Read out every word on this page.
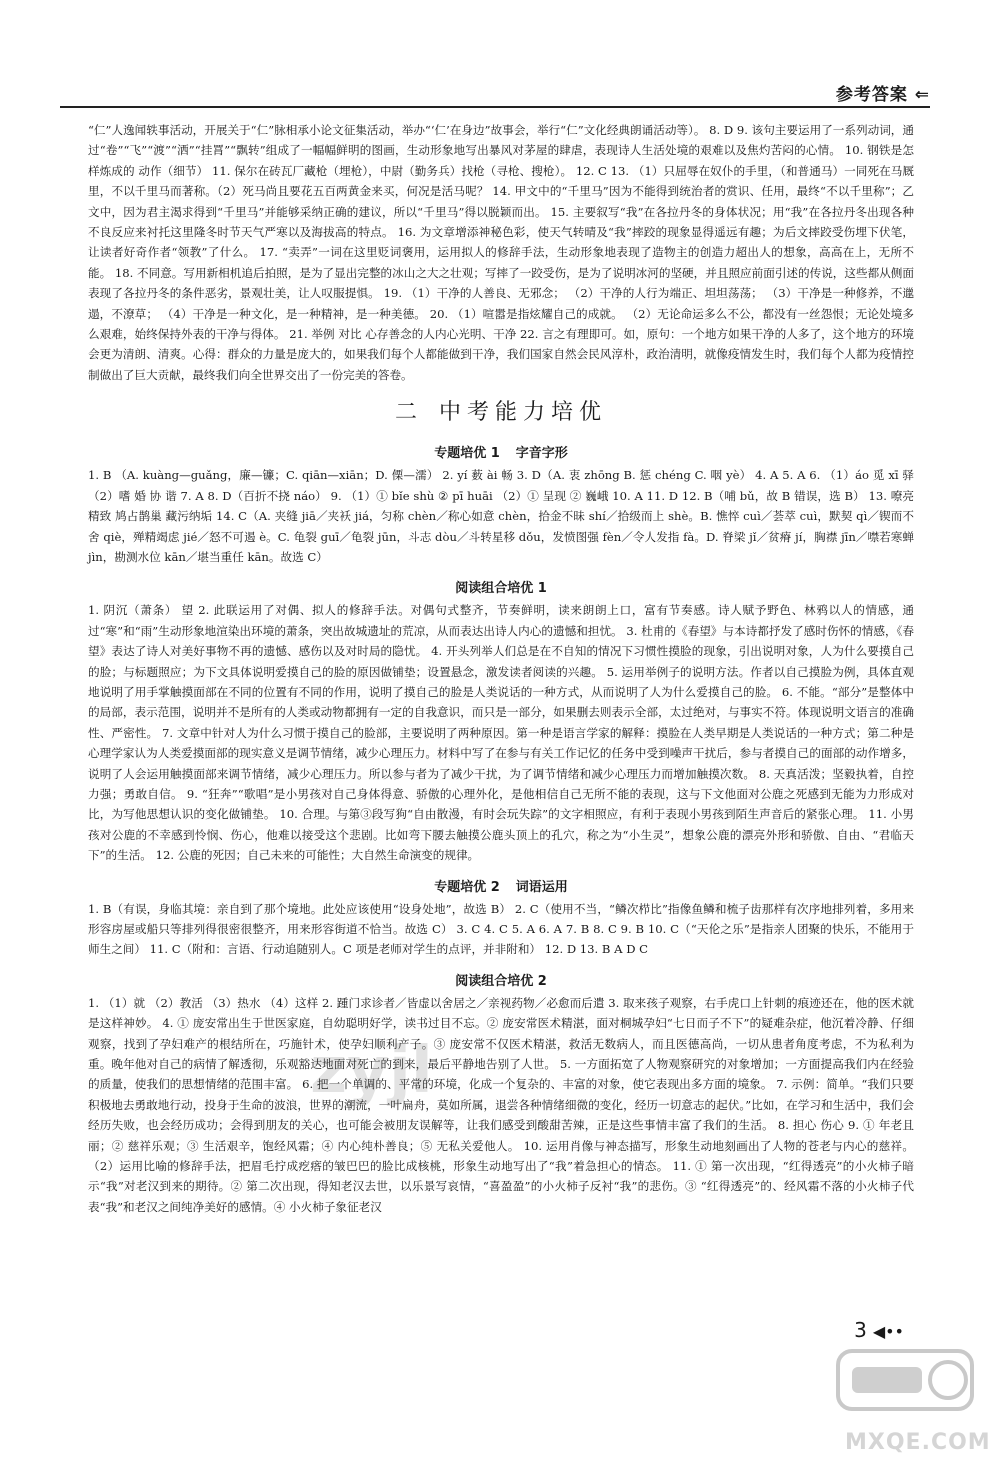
参考答案 ⇐

“仁”人逸闻轶事活动，开展关于“仁”脉相承小论文征集活动，举办“‘仁’在身边”故事会，举行“仁”文化经典朗诵活动等）。 8. D 9. 该句主要运用了一系列动词，通过“卷”“飞”“渡”“洒”“挂罥”“飘转”组成了一幅幅鲜明的图画，生动形象地写出暴风对茅屋的肆虐，表现诗人生活处境的艰难以及焦灼苦闷的心情。 10. 钢铁是怎样炼成的 动作（细节） 11. 保尔在砖瓦厂藏枪（埋枪），中尉（勤务兵）找枪（寻枪、搜枪）。 12. C 13. （1）只屈辱在奴仆的手里，（和普通马）一同死在马厩里，不以千里马而著称。（2）死马尚且要花五百两黄金来买，何况是活马呢？ 14. 甲文中的“千里马”因为不能得到统治者的赏识、任用，最终“不以千里称”；乙文中，因为君主渴求得到“千里马”并能够采纳正确的建议，所以“千里马”得以脱颖而出。 15. 主要叙写“我”在各拉丹冬的身体状况；用“我”在各拉丹冬出现各种不良反应来衬托这里隆冬时节天气严寒以及海拔高的特点。 16. 为文章增添神秘色彩，使天气转晴及“我”摔跤的现象显得遥远有趣；为后文摔跤受伤埋下伏笔，让读者好奇作者“领教”了什么。 17. “卖弄”一词在这里贬词褒用，运用拟人的修辞手法，生动形象地表现了造物主的创造力超出人的想象，高高在上，无所不能。 18. 不同意。写用新相机追后拍照，是为了显出完整的冰山之大之壮观；写摔了一跤受伤，是为了说明冰河的坚硬，并且照应前面引述的传说，这些都从侧面表现了各拉丹冬的条件恶劣，景观壮美，让人叹服提惧。 19. （1）干净的人善良、无邪念； （2）干净的人行为端正、坦坦荡荡； （3）干净是一种修养，不邋遢，不潦草； （4）干净是一种文化，是一种精神，是一种美德。 20. （1）喧嚣是指炫耀自己的成就。 （2）无论命运多么不公，都没有一丝怨恨；无论处境多么艰难，始终保持外表的干净与得体。 21. 举例 对比 心存善念的人内心光明、干净 22. 言之有理即可。如，原句：一个地方如果干净的人多了，这个地方的环境会更为清朗、清爽。心得：群众的力量是庞大的，如果我们每个人都能做到干净，我们国家自然会民风淳朴，政治清明，就像疫情发生时，我们每个人都为疫情控制做出了巨大贡献，最终我们向全世界交出了一份完美的答卷。

二 中考能力培优
专题培优 1 字音字形

1. B （A. kuàng—guǎng，廉—镰；C. qiān—xiān；D. 傈—濡） 2. yí 薮 ài 畅 3. D（A. 衷 zhōng B. 惩 chéng C. 咽 yè） 4. A 5. A 6. （1）áo 觅 xī 驿 （2）嗜 婚 协 谐 7. A 8. D（百折不挠 náo） 9. （1）① bǐe shù ② pī huāi （2）① 呈现 ② 巍峨 10. A 11. D 12. B（哺 bǔ，故 B 错误，选 B） 13. 嘹亮 精致 鸠占鹊巢 藏污纳垢 14. C（A. 夹缝 jiā／夹袄 jiá，匀称 chèn／称心如意 chèn，拾金不昧 shí／拾级而上 shè。B. 憔悴 cuì／荟萃 cuì，默契 qì／锲而不舍 qiè，殚精竭虑 jié／怒不可遏 è。C. 龟裂 guī／龟裂 jūn，斗志 dòu／斗转星移 dǒu，发愤图强 fèn／令人发指 fà。D. 脊梁 jǐ／贫瘠 jí，胸襟 jīn／噤若寒蝉 jìn，勘测水位 kān／堪当重任 kān。故选 C）

阅读组合培优 1

1. 阴沉（萧条） 望 2. 此联运用了对偶、拟人的修辞手法。对偶句式整齐，节奏鲜明，读来朗朗上口，富有节奏感。诗人赋予野色、林鸦以人的情感，通过“寒”和“雨”生动形象地渲染出环境的萧条，突出故城遗址的荒凉，从而表达出诗人内心的遗憾和担忧。 3. 杜甫的《春望》与本诗都抒发了感时伤怀的情感，《春望》表达了诗人对美好事物不再的遗憾、感伤以及对时局的隐忧。 4. 开头列举人们总是在不自知的情况下习惯性摸脸的现象，引出说明对象，人为什么要摸自己的脸；与标题照应；为下文具体说明爱摸自己的脸的原因做铺垫；设置悬念，激发读者阅读的兴趣。 5. 运用举例子的说明方法。作者以自己摸脸为例，具体直观地说明了用手掌触摸面部在不同的位置有不同的作用，说明了摸自己的脸是人类说话的一种方式，从而说明了人为什么爱摸自己的脸。 6. 不能。“部分”是整体中的局部，表示范围，说明并不是所有的人类或动物都拥有一定的自我意识，而只是一部分，如果删去则表示全部，太过绝对，与事实不符。体现说明文语言的准确性、严密性。 7. 文章中针对人为什么习惯于摸自己的脸部，主要说明了两种原因。第一种是语言学家的解释：摸脸在人类早期是人类说话的一种方式；第二种是心理学家认为人类爱摸面部的现实意义是调节情绪，减少心理压力。材料中写了在参与有关工作记忆的任务中受到噪声干扰后，参与者摸自己的面部的动作增多，说明了人会运用触摸面部来调节情绪，减少心理压力。所以参与者为了减少干扰，为了调节情绪和减少心理压力而增加触摸次数。 8. 天真活泼；坚毅执着，自控力强；勇敢自信。 9. “狂奔”“歌唱”是小男孩对自己身体得意、骄傲的心理外化，是他相信自己无所不能的表现，这与下文他面对公鹿之死感到无能为力形成对比，为写他思想认识的变化做铺垫。 10. 合理。与第③段写狗“自由散漫，有时会玩失踪”的文字相照应，有利于表现小男孩到陌生声音后的紧张心理。 11. 小男孩对公鹿的不幸感到怜悯、伤心，他难以接受这个悲剧。比如弯下腰去触摸公鹿头顶上的孔穴，称之为“小生灵”，想象公鹿的漂亮外形和骄傲、自由、“君临天下”的生活。 12. 公鹿的死因；自己未来的可能性；大自然生命演变的规律。

专题培优 2 词语运用

1. B（有误，身临其境：亲自到了那个境地。此处应该使用“设身处地”，故选 B） 2. C（使用不当，“鳞次栉比”指像鱼鳞和梳子齿那样有次序地排列着，多用来形容房屋或船只等排列得很密很整齐，用来形容街道不恰当。故选 C） 3. C 4. C 5. A 6. A 7. B 8. C 9. B 10. C（“天伦之乐”是指亲人团聚的快乐，不能用于师生之间） 11. C（附和：言语、行动追随别人。C 项是老师对学生的点评，并非附和） 12. D 13. B A D C

阅读组合培优 2

1. （1）就 （2）教活 （3）热水 （4）这样 2. 踵门求诊者／皆虚以舍居之／亲视药物／必愈而后遣 3. 取来孩子观察，右手虎口上针刺的痕迹还在，他的医术就是这样神妙。 4. ① 庞安常出生于世医家庭，自幼聪明好学，读书过目不忘。② 庞安常医术精湛，面对桐城孕妇“七日而子不下”的疑难杂症，他沉着冷静、仔细观察，找到了孕妇难产的根结所在，巧施针术，使孕妇顺利产子。③ 庞安常不仅医术精湛，救活无数病人，而且医德高尚，一切从患者角度考虑，不为私利为重。晚年他对自己的病情了解透彻，乐观豁达地面对死亡的到来，最后平静地告别了人世。 5. 一方面拓宽了人物观察研究的对象增加；一方面提高我们内在经验的质量，使我们的思想情绪的范围丰富。 6. 把一个单调的、平常的环境，化成一个复杂的、丰富的对象，使它表现出多方面的境象。 7. 示例：简单。“我们只要积极地去勇敢地行动，投身于生命的波浪，世界的潮流，一叶扁舟，莫如所属，退尝各种情绪细微的变化，经历一切意志的起伏。”比如，在学习和生活中，我们会经历失败，也会经历成功；会得到朋友的关心，也可能会被朋友误解等，让我们感受到酸甜苦辣，正是这些事情丰富了我们的生活。 8. 担心 伤心 9. ① 年老且丽；② 慈祥乐观；③ 生活艰辛，饱经风霜；④ 内心纯朴善良；⑤ 无私关爱他人。 10. 运用肖像与神态描写，形象生动地刻画出了人物的苍老与内心的慈祥。 （2）运用比喻的修辞手法，把眉毛拧成疙瘩的皱巴巴的脸比成核桃，形象生动地写出了“我”着急担心的情态。 11. ① 第一次出现，“红得透亮”的小火柿子暗示“我”对老汉到来的期待。② 第二次出现，得知老汉去世，以乐景写哀情，“喜盈盈”的小火柿子反衬“我”的悲伤。③ “红得透亮”的、经风霜不落的小火柿子代表“我”和老汉之间纯净美好的感情。④ 小火柿子象征老汉

3 ◀••
zyjl
MXQE.COM
